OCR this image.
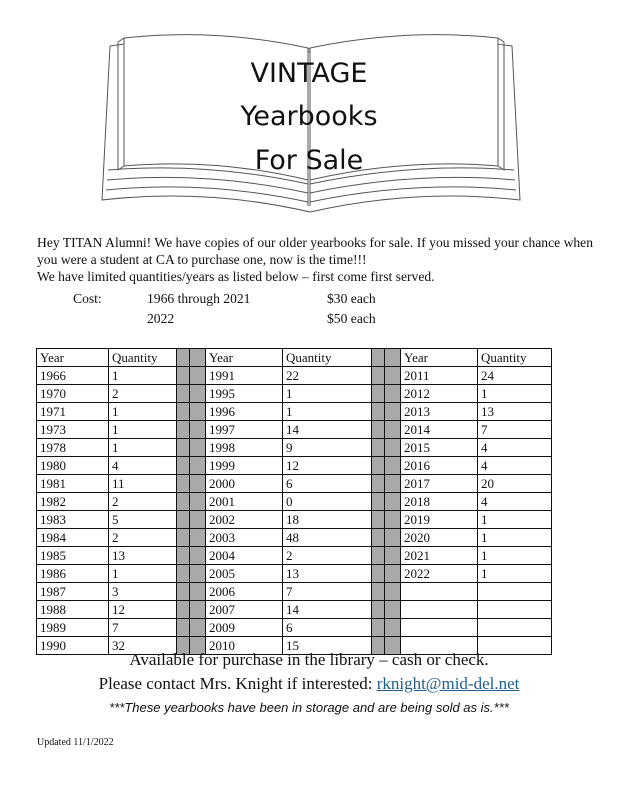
VINTAGE
Yearbooks
For Sale
Hey TITAN Alumni! We have copies of our older yearbooks for sale. If you missed your chance when you were a student at CA to purchase one, now is the time!!!
We have limited quantities/years as listed below – first come first served.
Cost:	1966 through 2021	$30 each
2022	$50 each
Year	Quantity			Year	Quantity			Year	Quantity
1966	1			1991	22			2011	24
1970	2			1995	1			2012	1
1971	1			1996	1			2013	13
1973	1			1997	14			2014	7
1978	1			1998	9			2015	4
1980	4			1999	12			2016	4
1981	11			2000	6			2017	20
1982	2			2001	0			2018	4
1983	5			2002	18			2019	1
1984	2			2003	48			2020	1
1985	13			2004	2			2021	1
1986	1			2005	13			2022	1
1987	3			2006	7				
1988	12			2007	14				
1989	7			2009	6				
1990	32			2010	15				
Available for purchase in the library – cash or check.
Please contact Mrs. Knight if interested: rknight@mid-del.net
***These yearbooks have been in storage and are being sold as is.***
Updated 11/1/2022
